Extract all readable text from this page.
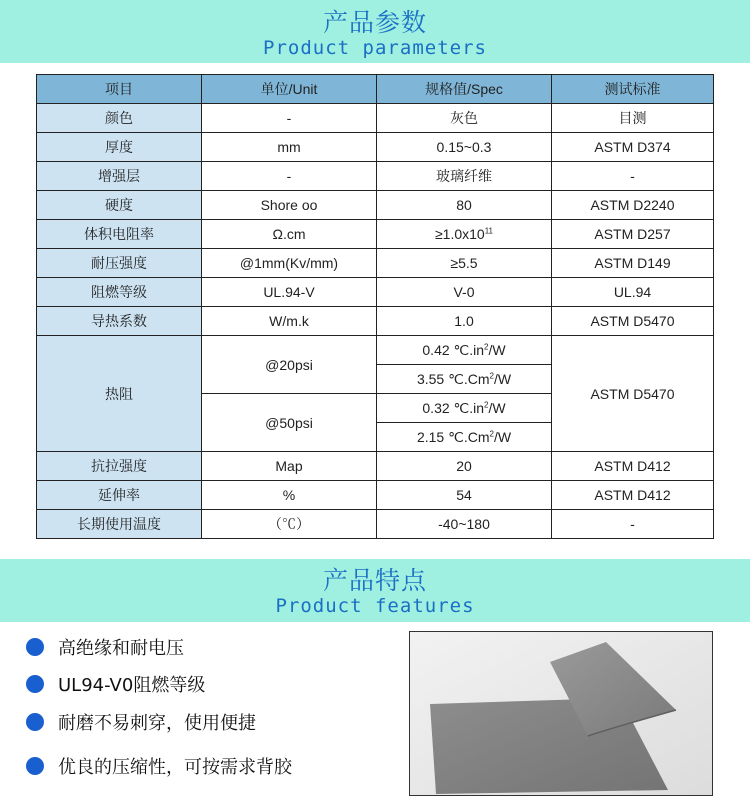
产品参数
Product parameters
项目	单位/Unit	规格值/Spec	测试标准
颜色	-	灰色	目测
厚度	mm	0.15~0.3	ASTM D374
增强层	-	玻璃纤维	-
硬度	Shore oo	80	ASTM D2240
体积电阻率	Ω.cm	$\ge 1.0x10^{11}$	ASTM D257
耐压强度	@1mm(Kv/mm)	≥5.5	ASTM D149
阻燃等级	UL.94-V	V-0	UL.94
导热系数	W/m.k	1.0	ASTM D5470
热阻	@20psi	0.42 $℃.in^2/W$	ASTM D5470
		3.55 ℃.Cm$^2$/W	
	@50psi	0.32 $℃.in^2/W$	
		2.15 ℃.Cm$^2$/W	
抗拉强度	Map	20	ASTM D412
延伸率	%	54	ASTM D412
长期使用温度	（℃）	-40~180	-
产品特点
Product features
高绝缘和耐电压
UL94-V0阻燃等级
耐磨不易刺穿，使用便捷
优良的压缩性，可按需求背胶
